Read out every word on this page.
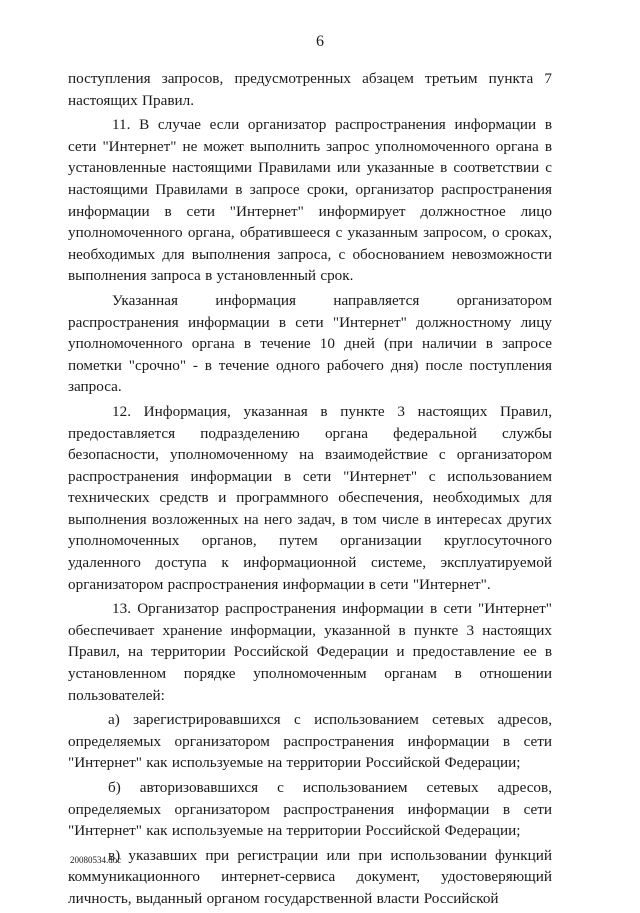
6

поступления запросов, предусмотренных абзацем третьим пункта 7 настоящих Правил.

11. В случае если организатор распространения информации в сети "Интернет" не может выполнить запрос уполномоченного органа в установленные настоящими Правилами или указанные в соответствии с настоящими Правилами в запросе сроки, организатор распространения информации в сети "Интернет" информирует должностное лицо уполномоченного органа, обратившееся с указанным запросом, о сроках, необходимых для выполнения запроса, с обоснованием невозможности выполнения запроса в установленный срок.

Указанная информация направляется организатором распространения информации в сети "Интернет" должностному лицу уполномоченного органа в течение 10 дней (при наличии в запросе пометки "срочно" - в течение одного рабочего дня) после поступления запроса.

12. Информация, указанная в пункте 3 настоящих Правил, предоставляется подразделению органа федеральной службы безопасности, уполномоченному на взаимодействие с организатором распространения информации в сети "Интернет" с использованием технических средств и программного обеспечения, необходимых для выполнения возложенных на него задач, в том числе в интересах других уполномоченных органов, путем организации круглосуточного удаленного доступа к информационной системе, эксплуатируемой организатором распространения информации в сети "Интернет".

13. Организатор распространения информации в сети "Интернет" обеспечивает хранение информации, указанной в пункте 3 настоящих Правил, на территории Российской Федерации и предоставление ее в установленном порядке уполномоченным органам в отношении пользователей:

а) зарегистрировавшихся с использованием сетевых адресов, определяемых организатором распространения информации в сети "Интернет" как используемые на территории Российской Федерации;

б) авторизовавшихся с использованием сетевых адресов, определяемых организатором распространения информации в сети "Интернет" как используемые на территории Российской Федерации;

в) указавших при регистрации или при использовании функций коммуникационного интернет-сервиса документ, удостоверяющий личность, выданный органом государственной власти Российской

20080534.doc
